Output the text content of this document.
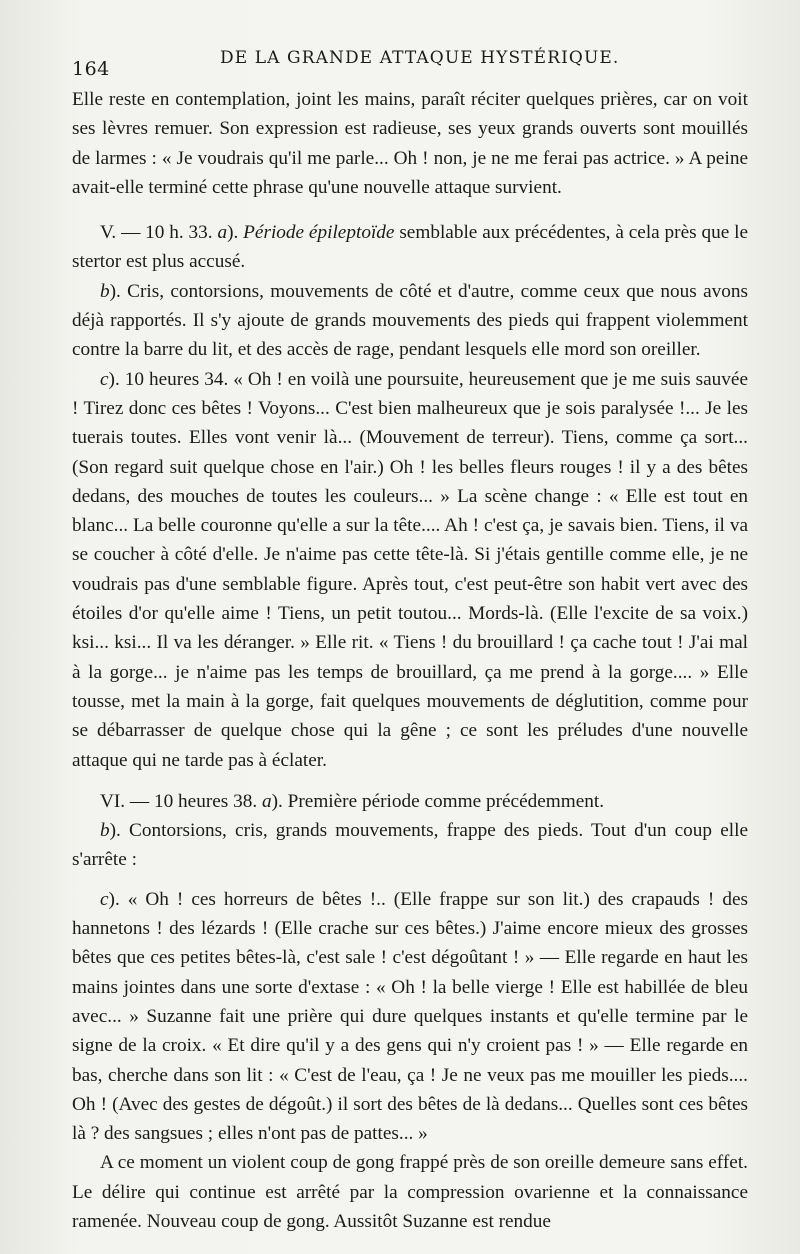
164	DE LA GRANDE ATTAQUE HYSTÉRIQUE.

Elle reste en contemplation, joint les mains, paraît réciter quelques prières, car on voit ses lèvres remuer. Son expression est radieuse, ses yeux grands ouverts sont mouillés de larmes : « Je voudrais qu'il me parle... Oh ! non, je ne me ferai pas actrice. » A peine avait-elle terminé cette phrase qu'une nouvelle attaque survient.

V. — 10 h. 33. a). Période épileptoïde semblable aux précédentes, à cela près que le stertor est plus accusé.

b). Cris, contorsions, mouvements de côté et d'autre, comme ceux que nous avons déjà rapportés. Il s'y ajoute de grands mouvements des pieds qui frappent violemment contre la barre du lit, et des accès de rage, pendant lesquels elle mord son oreiller.

c). 10 heures 34. « Oh ! en voilà une poursuite, heureusement que je me suis sauvée ! Tirez donc ces bêtes ! Voyons... C'est bien malheureux que je sois paralysée !... Je les tuerais toutes. Elles vont venir là... (Mouvement de terreur). Tiens, comme ça sort... (Son regard suit quelque chose en l'air.) Oh ! les belles fleurs rouges ! il y a des bêtes dedans, des mouches de toutes les couleurs... » La scène change : « Elle est tout en blanc... La belle couronne qu'elle a sur la tête.... Ah ! c'est ça, je savais bien. Tiens, il va se coucher à côté d'elle. Je n'aime pas cette tête-là. Si j'étais gentille comme elle, je ne voudrais pas d'une semblable figure. Après tout, c'est peut-être son habit vert avec des étoiles d'or qu'elle aime ! Tiens, un petit toutou... Mords-là. (Elle l'excite de sa voix.) ksi... ksi... Il va les déranger. » Elle rit. « Tiens ! du brouillard ! ça cache tout ! J'ai mal à la gorge... je n'aime pas les temps de brouillard, ça me prend à la gorge.... » Elle tousse, met la main à la gorge, fait quelques mouvements de déglutition, comme pour se débarrasser de quelque chose qui la gêne ; ce sont les préludes d'une nouvelle attaque qui ne tarde pas à éclater.

VI. — 10 heures 38. a). Première période comme précédemment.

b). Contorsions, cris, grands mouvements, frappe des pieds. Tout d'un coup elle s'arrête :

c). « Oh ! ces horreurs de bêtes !.. (Elle frappe sur son lit.) des crapauds ! des hannetons ! des lézards ! (Elle crache sur ces bêtes.) J'aime encore mieux des grosses bêtes que ces petites bêtes-là, c'est sale ! c'est dégoûtant ! » — Elle regarde en haut les mains jointes dans une sorte d'extase : « Oh ! la belle vierge ! Elle est habillée de bleu avec... » Suzanne fait une prière qui dure quelques instants et qu'elle termine par le signe de la croix. « Et dire qu'il y a des gens qui n'y croient pas ! » — Elle regarde en bas, cherche dans son lit : « C'est de l'eau, ça ! Je ne veux pas me mouiller les pieds.... Oh ! (Avec des gestes de dégoût.) il sort des bêtes de là dedans... Quelles sont ces bêtes là ? des sangsues ; elles n'ont pas de pattes... »

A ce moment un violent coup de gong frappé près de son oreille demeure sans effet. Le délire qui continue est arrêté par la compression ovarienne et la connaissance ramenée. Nouveau coup de gong. Aussitôt Suzanne est rendue
